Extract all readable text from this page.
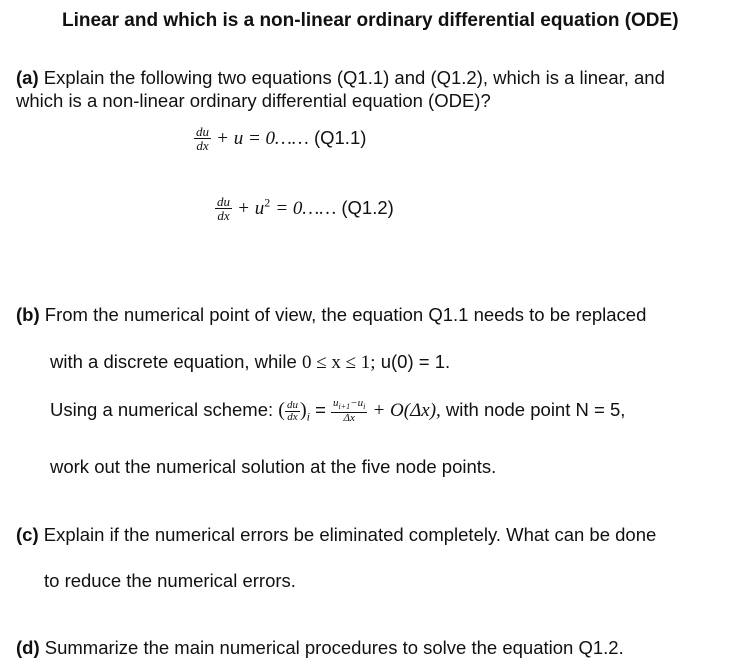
Linear and which is a non-linear ordinary differential equation (ODE)
(a) Explain the following two equations (Q1.1) and (Q1.2), which is a linear, and
which is a non-linear ordinary differential equation (ODE)?
$\frac{du}{dx} + u$ = 0…… (Q1.1)
$\frac{du}{dx} + u^2$ = 0…… (Q1.2)
(b) From the numerical point of view, the equation Q1.1 needs to be replaced
with a discrete equation, while 0 ≤ x ≤ 1; u(0) = 1.
Using a numerical scheme: ( $\frac{du}{dx} )_i = \frac{u_{i+1}-u_i}{\Delta x} + O(\Delta x)$, with node point N = 5,
work out the numerical solution at the five node points.
(c) Explain if the numerical errors be eliminated completely. What can be done
to reduce the numerical errors.
(d) Summarize the main numerical procedures to solve the equation Q1.2.
